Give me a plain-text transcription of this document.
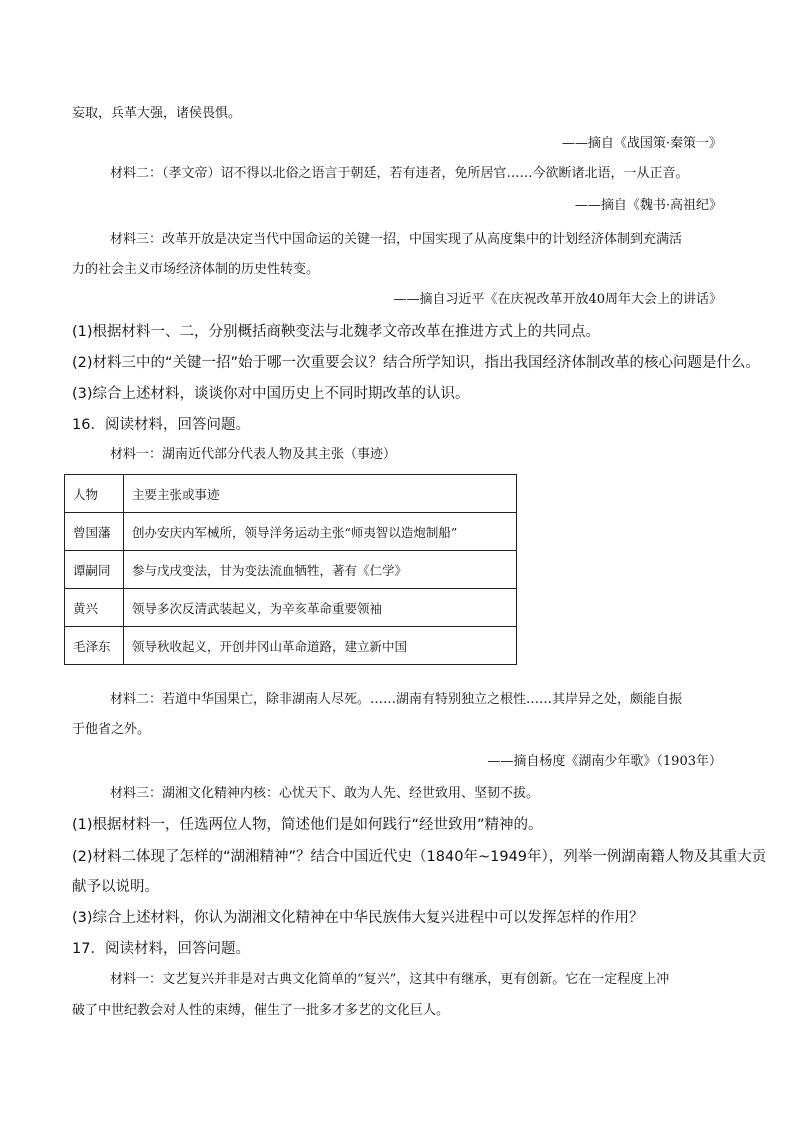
妄取，兵革大强，诸侯畏惧。
——摘自《战国策·秦策一》
材料二：（孝文帝）诏不得以北俗之语言于朝廷，若有违者，免所居官……今欲断诸北语，一从正音。
——摘自《魏书·高祖纪》
材料三：改革开放是决定当代中国命运的关键一招，中国实现了从高度集中的计划经济体制到充满活
力的社会主义市场经济体制的历史性转变。
——摘自习近平《在庆祝改革开放40周年大会上的讲话》
(1)根据材料一、二，分别概括商鞅变法与北魏孝文帝改革在推进方式上的共同点。
(2)材料三中的“关键一招”始于哪一次重要会议？结合所学知识，指出我国经济体制改革的核心问题是什么。
(3)综合上述材料，谈谈你对中国历史上不同时期改革的认识。
16．阅读材料，回答问题。
材料一：湖南近代部分代表人物及其主张（事迹）
人物	主要主张或事迹
曾国藩	创办安庆内军械所，领导洋务运动主张“师夷智以造炮制船”
谭嗣同	参与戊戌变法，甘为变法流血牺牲，著有《仁学》
黄兴	领导多次反清武装起义，为辛亥革命重要领袖
毛泽东	领导秋收起义，开创井冈山革命道路，建立新中国
材料二：若道中华国果亡，除非湖南人尽死。……湖南有特别独立之根性……其岸异之处，颇能自振
于他省之外。
——摘自杨度《湖南少年歌》（1903年）
材料三：湖湘文化精神内核：心忧天下、敢为人先、经世致用、坚韧不拔。
(1)根据材料一，任选两位人物，简述他们是如何践行“经世致用”精神的。
(2)材料二体现了怎样的“湖湘精神”？结合中国近代史（1840年~1949年），列举一例湖南籍人物及其重大贡
献予以说明。
(3)综合上述材料，你认为湖湘文化精神在中华民族伟大复兴进程中可以发挥怎样的作用？
17．阅读材料，回答问题。
材料一：文艺复兴并非是对古典文化简单的“复兴”，这其中有继承，更有创新。它在一定程度上冲
破了中世纪教会对人性的束缚，催生了一批多才多艺的文化巨人。
